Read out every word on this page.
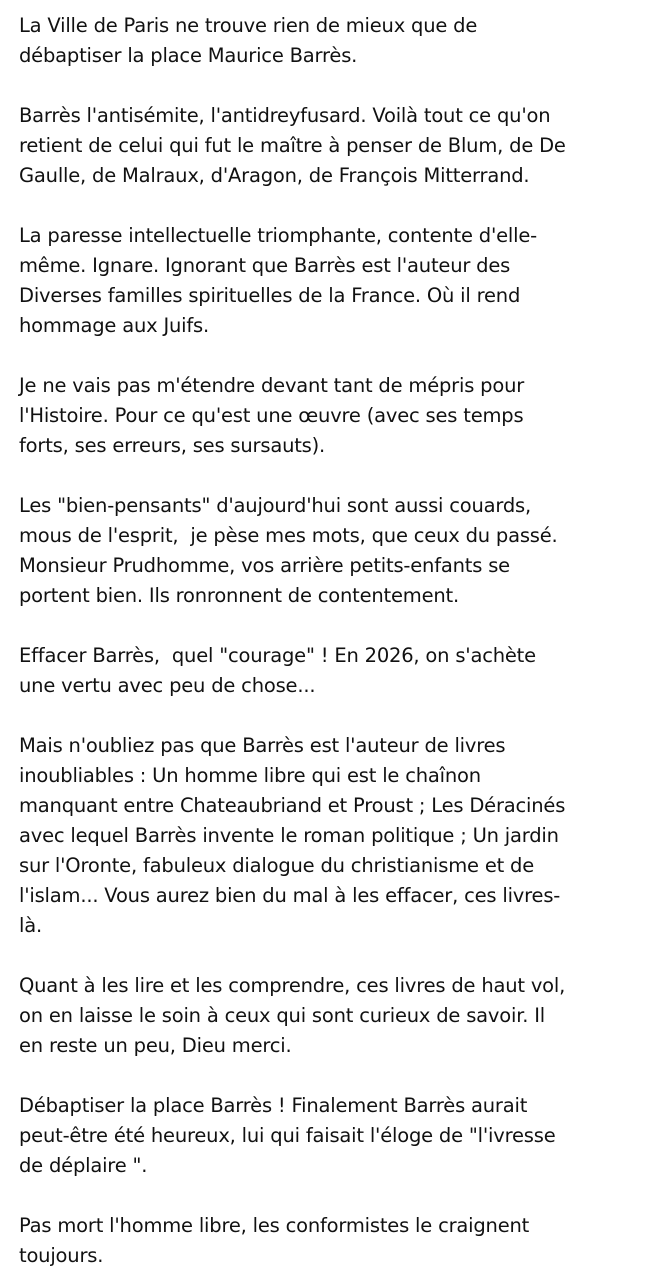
La Ville de Paris ne trouve rien de mieux que de
débaptiser la place Maurice Barrès.

Barrès l'antisémite, l'antidreyfusard. Voilà tout ce qu'on
retient de celui qui fut le maître à penser de Blum, de De
Gaulle, de Malraux, d'Aragon, de François Mitterrand.

La paresse intellectuelle triomphante, contente d'elle-
même. Ignare. Ignorant que Barrès est l'auteur des
Diverses familles spirituelles de la France. Où il rend
hommage aux Juifs.

Je ne vais pas m'étendre devant tant de mépris pour
l'Histoire. Pour ce qu'est une œuvre (avec ses temps
forts, ses erreurs, ses sursauts).

Les "bien-pensants" d'aujourd'hui sont aussi couards,
mous de l'esprit,  je pèse mes mots, que ceux du passé.
Monsieur Prudhomme, vos arrière petits-enfants se
portent bien. Ils ronronnent de contentement.

Effacer Barrès,  quel "courage" ! En 2026, on s'achète
une vertu avec peu de chose...

Mais n'oubliez pas que Barrès est l'auteur de livres
inoubliables : Un homme libre qui est le chaînon
manquant entre Chateaubriand et Proust ; Les Déracinés
avec lequel Barrès invente le roman politique ; Un jardin
sur l'Oronte, fabuleux dialogue du christianisme et de
l'islam... Vous aurez bien du mal à les effacer, ces livres-
là.

Quant à les lire et les comprendre, ces livres de haut vol,
on en laisse le soin à ceux qui sont curieux de savoir. Il
en reste un peu, Dieu merci.

Débaptiser la place Barrès ! Finalement Barrès aurait
peut-être été heureux, lui qui faisait l'éloge de "l'ivresse
de déplaire ".

Pas mort l'homme libre, les conformistes le craignent
toujours.
